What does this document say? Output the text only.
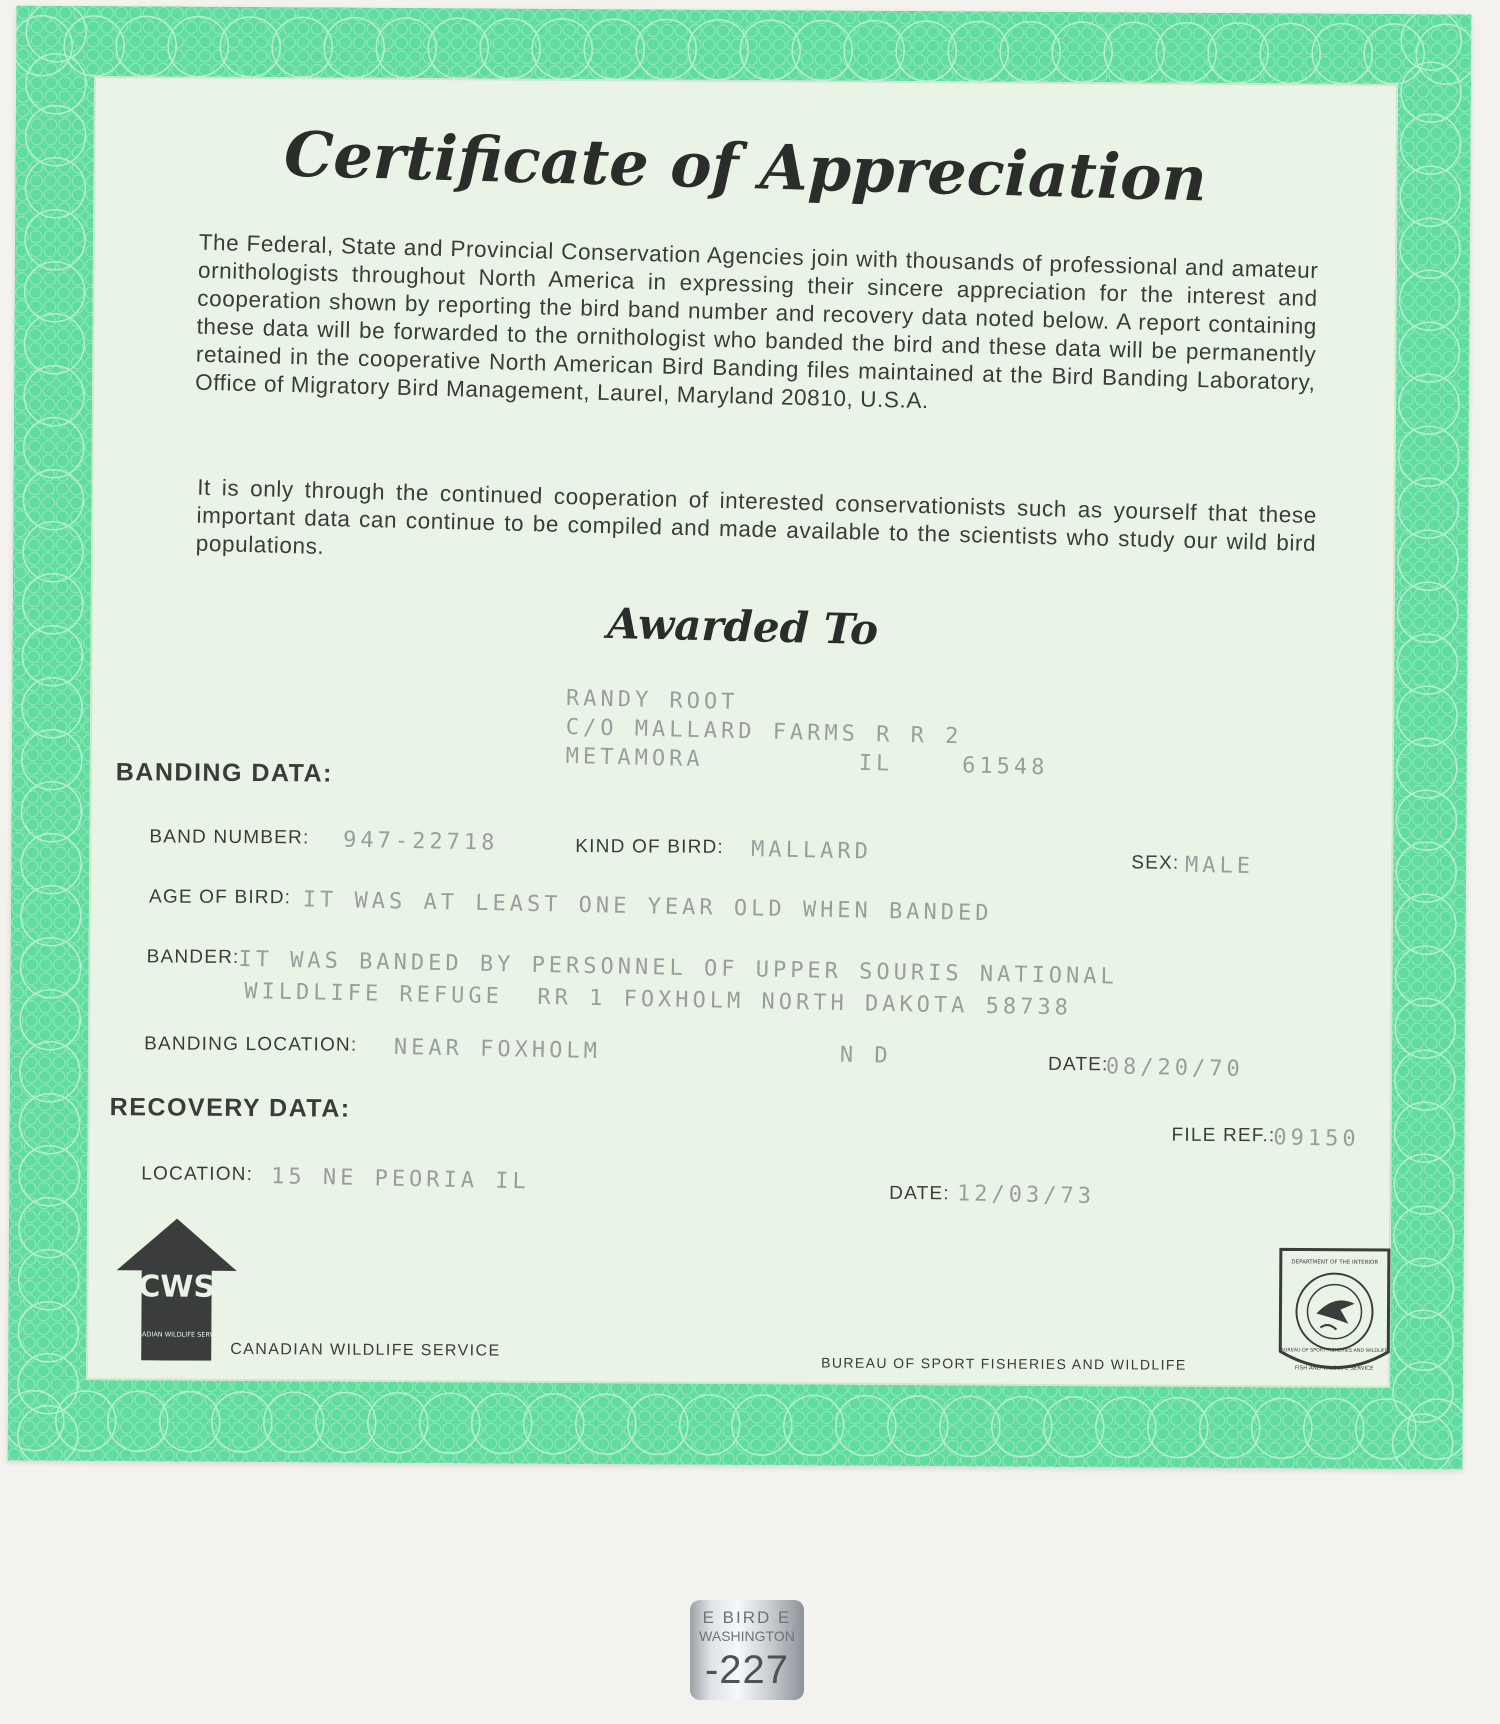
Certificate of Appreciation
The Federal, State and Provincial Conservation Agencies join with thousands of professional and amateur ornithologists throughout North America in expressing their sincere appreciation for the interest and cooperation shown by reporting the bird band number and recovery data noted below. A report containing these data will be forwarded to the ornithologist who banded the bird and these data will be permanently retained in the cooperative North American Bird Banding files maintained at the Bird Banding Laboratory, Office of Migratory Bird Management, Laurel, Maryland 20810, U.S.A.
It is only through the continued cooperation of interested conservationists such as yourself that these important data can continue to be compiled and made available to the scientists who study our wild bird populations.
Awarded To
RANDY ROOT
C/O MALLARD FARMS R R 2
METAMORA         IL    61548
BANDING DATA:
BAND NUMBER: 947-22718	KIND OF BIRD: MALLARD	SEX: MALE
AGE OF BIRD: IT WAS AT LEAST ONE YEAR OLD WHEN BANDED
BANDER:
IT WAS BANDED BY PERSONNEL OF UPPER SOURIS NATIONAL
WILDLIFE REFUGE  RR 1 FOXHOLM NORTH DAKOTA 58738
BANDING LOCATION: NEAR FOXHOLM	N D	DATE:
08/20/70
RECOVERY DATA:
FILE REF.:
09150
LOCATION: 15 NE PEORIA IL	DATE: 12/03/73
CWS
CANADIAN WILDLIFE SERVICE
CANADIAN WILDLIFE SERVICE
BUREAU OF SPORT FISHERIES AND WILDLIFE
DEPARTMENT OF THE INTERIOR
BUREAU OF SPORT FISHERIES AND WILDLIFE
FISH AND WILDLIFE SERVICE
E BIRD E
WASHINGTON
-227
